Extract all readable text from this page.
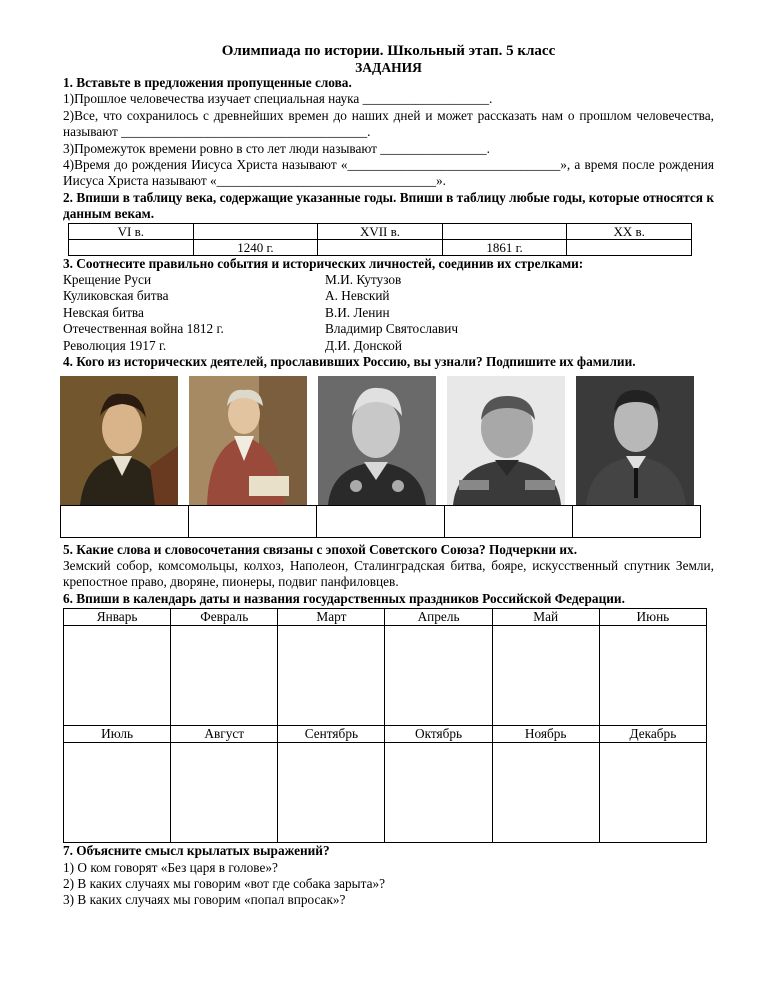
Олимпиада по истории. Школьный этап. 5 класс
ЗАДАНИЯ

1. Вставьте в предложения пропущенные слова.

1)Прошлое человечества изучает специальная наука ___________________.

2)Все, что сохранилось с древнейших времен до наших дней и может рассказать нам о прошлом человечества, называют _____________________________________.

3)Промежуток времени ровно в сто лет люди называют ________________.

4)Время до рождения Иисуса Христа называют «________________________________», а время после рождения Иисуса Христа называют «_________________________________».

2. Впиши в таблицу века, содержащие указанные годы. Впиши в таблицу любые годы, которые относятся к данным векам.

VI в.		XVII в.		XX в.
	1240 г.		1861 г.	

3. Соотнесите правильно события и исторических личностей, соединив их стрелками:

Крещение Руси

Куликовская битва

Невская битва

Отечественная война 1812 г.

Революция 1917 г.

М.И. Кутузов

А. Невский

В.И. Ленин

Владимир Святославич

Д.И. Донской

4. Кого из исторических деятелей, прославивших Россию, вы узнали? Подпишите их фамилии.

5. Какие слова и словосочетания связаны с эпохой Советского Союза? Подчеркни их.

Земский собор, комсомольцы, колхоз, Наполеон, Сталинградская битва, бояре, искусственный спутник Земли, крепостное право, дворяне, пионеры, подвиг панфиловцев.

6. Впиши в календарь даты и названия государственных праздников Российской Федерации.

Январь	Февраль	Март	Апрель	Май	Июнь

Июль	Август	Сентябрь	Октябрь	Ноябрь	Декабрь

7. Объясните смысл крылатых выражений?

1) О ком говорят «Без царя в голове»?

2) В каких случаях мы говорим «вот где собака зарыта»?

3) В каких случаях мы говорим «попал впросак»?
